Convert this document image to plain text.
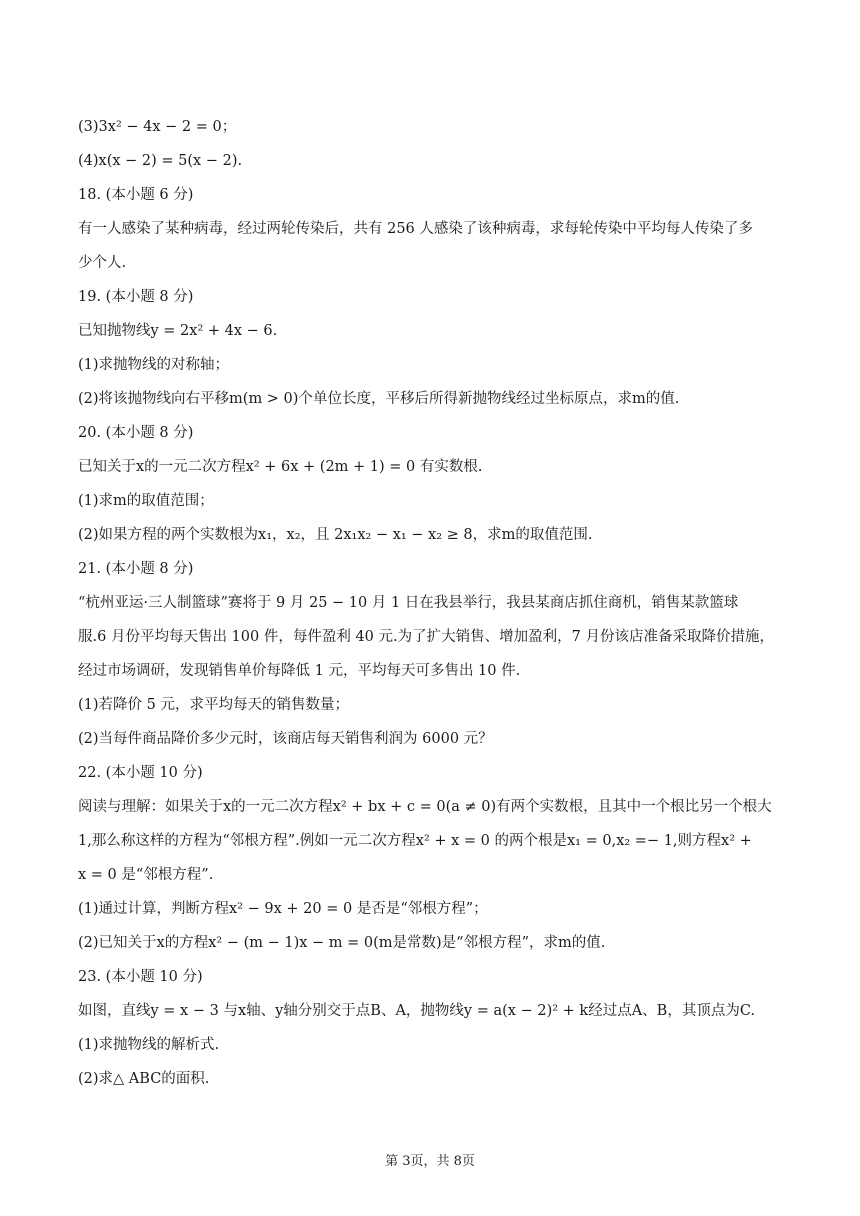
(3)3x² − 4x − 2 = 0；
(4)x(x − 2) = 5(x − 2).
18. (本小题 6 分)
有一人感染了某种病毒，经过两轮传染后，共有 256 人感染了该种病毒，求每轮传染中平均每人传染了多
少个人.
19. (本小题 8 分)
已知抛物线y = 2x² + 4x − 6.
(1)求抛物线的对称轴；
(2)将该抛物线向右平移m(m > 0)个单位长度，平移后所得新抛物线经过坐标原点，求m的值.
20. (本小题 8 分)
已知关于x的一元二次方程x² + 6x + (2m + 1) = 0 有实数根.
(1)求m的取值范围；
(2)如果方程的两个实数根为x₁，x₂，且 2x₁x₂ − x₁ − x₂ ≥ 8，求m的取值范围.
21. (本小题 8 分)
“杭州亚运·三人制篮球”赛将于 9 月 25 − 10 月 1 日在我县举行，我县某商店抓住商机，销售某款篮球
服.6 月份平均每天售出 100 件，每件盈利 40 元.为了扩大销售、增加盈利，7 月份该店准备采取降价措施，
经过市场调研，发现销售单价每降低 1 元，平均每天可多售出 10 件.
(1)若降价 5 元，求平均每天的销售数量；
(2)当每件商品降价多少元时，该商店每天销售利润为 6000 元？
22. (本小题 10 分)
阅读与理解：如果关于x的一元二次方程x² + bx + c = 0(a ≠ 0)有两个实数根，且其中一个根比另一个根大
1,那么称这样的方程为“邻根方程”.例如一元二次方程x² + x = 0 的两个根是x₁ = 0,x₂ =− 1,则方程x² +
x = 0 是“邻根方程”.
(1)通过计算，判断方程x² − 9x + 20 = 0 是否是“邻根方程”；
(2)已知关于x的方程x² − (m − 1)x − m = 0(m是常数)是“邻根方程”，求m的值.
23. (本小题 10 分)
如图，直线y = x − 3 与x轴、y轴分别交于点B、A，抛物线y = a(x − 2)² + k经过点A、B，其顶点为C.
(1)求抛物线的解析式.
(2)求△ ABC的面积.
第 3页，共 8页
